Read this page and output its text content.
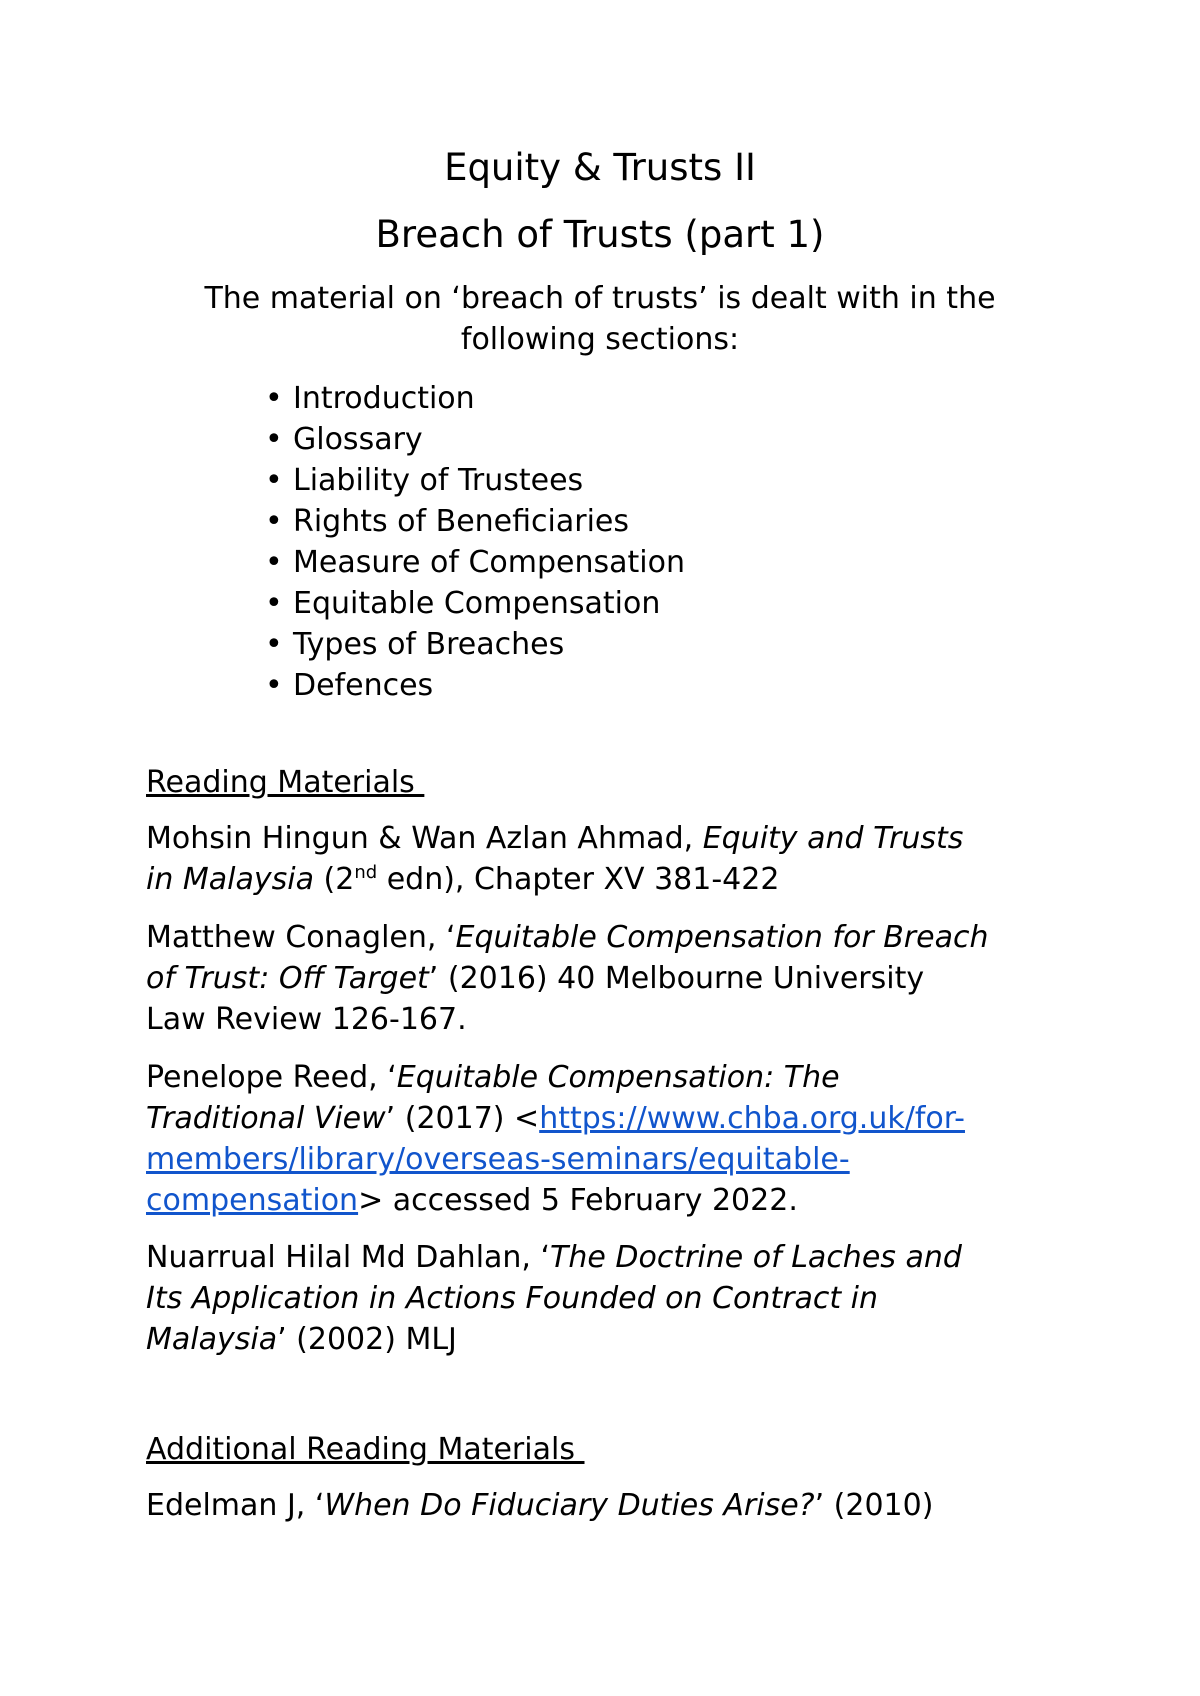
Equity & Trusts II
Breach of Trusts (part 1)
The material on ‘breach of trusts’ is dealt with in the
following sections:
• Introduction
• Glossary
• Liability of Trustees
• Rights of Beneficiaries
• Measure of Compensation
• Equitable Compensation
• Types of Breaches
• Defences
Reading Materials
Mohsin Hingun & Wan Azlan Ahmad, Equity and Trusts
in Malaysia (2nd edn), Chapter XV 381-422
Matthew Conaglen, ‘Equitable Compensation for Breach
of Trust: Off Target’ (2016) 40 Melbourne University
Law Review 126-167.
Penelope Reed, ‘Equitable Compensation: The
Traditional View’ (2017) <https://www.chba.org.uk/for-
members/library/overseas-seminars/equitable-
compensation> accessed 5 February 2022.
Nuarrual Hilal Md Dahlan, ‘The Doctrine of Laches and
Its Application in Actions Founded on Contract in
Malaysia’ (2002) MLJ
Additional Reading Materials
Edelman J, ‘When Do Fiduciary Duties Arise?’ (2010)
